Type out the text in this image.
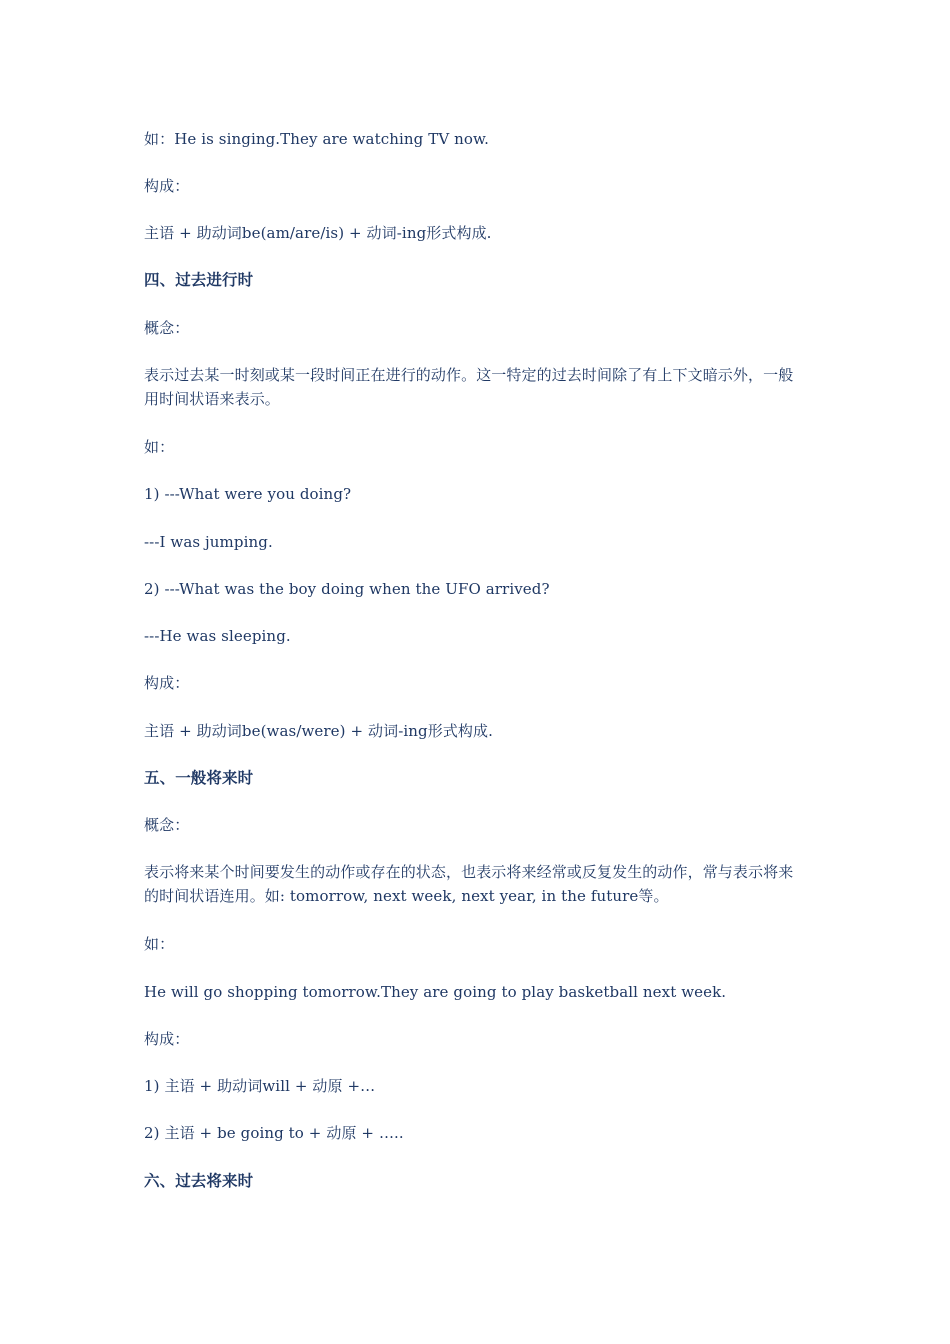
如：He is singing.They are watching TV now.
构成：
主语 + 助动词be(am/are/is) + 动词-ing形式构成.
四、过去进行时
概念：
表示过去某一时刻或某一段时间正在进行的动作。这一特定的过去时间除了有上下文暗示外，一般用时间状语来表示。
如：
1) ---What were you doing?
---I was jumping.
2) ---What was the boy doing when the UFO arrived?
---He was sleeping.
构成：
主语 + 助动词be(was/were) + 动词-ing形式构成.
五、一般将来时
概念：
表示将来某个时间要发生的动作或存在的状态，也表示将来经常或反复发生的动作，常与表示将来的时间状语连用。如: tomorrow, next week, next year, in the future等。
如：
He will go shopping tomorrow.They are going to play basketball next week.
构成：
1) 主语 + 助动词will + 动原 +…
2) 主语 + be going to + 动原 + …..
六、过去将来时
